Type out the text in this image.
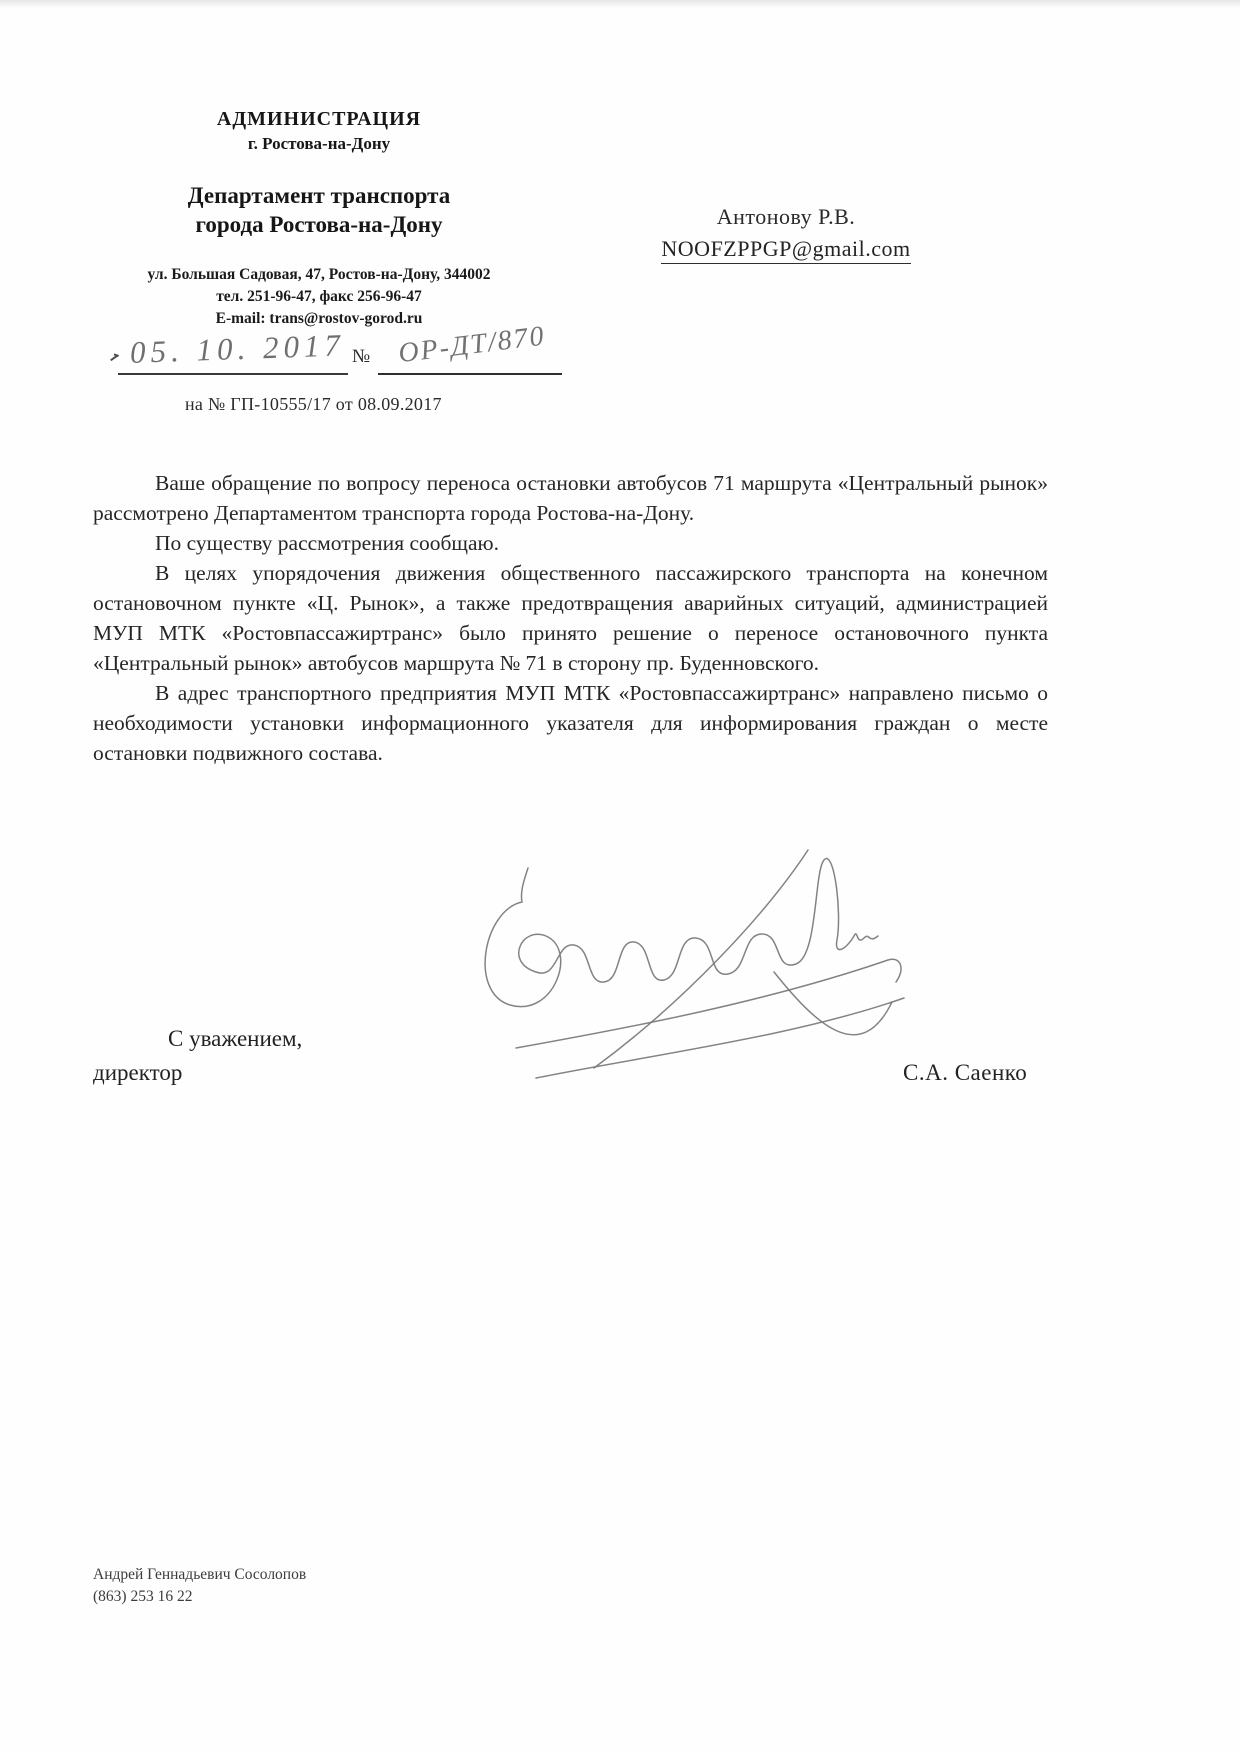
АДМИНИСТРАЦИЯ
г. Ростова-на-Дону
Департамент транспорта
города Ростова-на-Дону
ул. Большая Садовая, 47, Ростов-на-Дону, 344002
тел. 251-96-47, факс 256-96-47
E-mail: trans@rostov-gorod.ru
Антонову Р.В.
NOOFZPPGP@gmail.com
05. 10. 2017 № ОР-ДТ/870
на № ГП-10555/17 от 08.09.2017

Ваше обращение по вопросу переноса остановки автобусов 71 маршрута «Центральный рынок» рассмотрено Департаментом транспорта города Ростова-на-Дону.

По существу рассмотрения сообщаю.

В целях упорядочения движения общественного пассажирского транспорта на конечном остановочном пункте «Ц. Рынок», а также предотвращения аварийных ситуаций, администрацией МУП МТК «Ростовпассажиртранс» было принято решение о переносе остановочного пункта «Центральный рынок» автобусов маршрута № 71 в сторону пр. Буденновского.

В адрес транспортного предприятия МУП МТК «Ростовпассажиртранс» направлено письмо о необходимости установки информационного указателя для информирования граждан о месте остановки подвижного состава.

С уважением,
директор	С.А. Саенко
Андрей Геннадьевич Сосолопов
(863) 253 16 22
